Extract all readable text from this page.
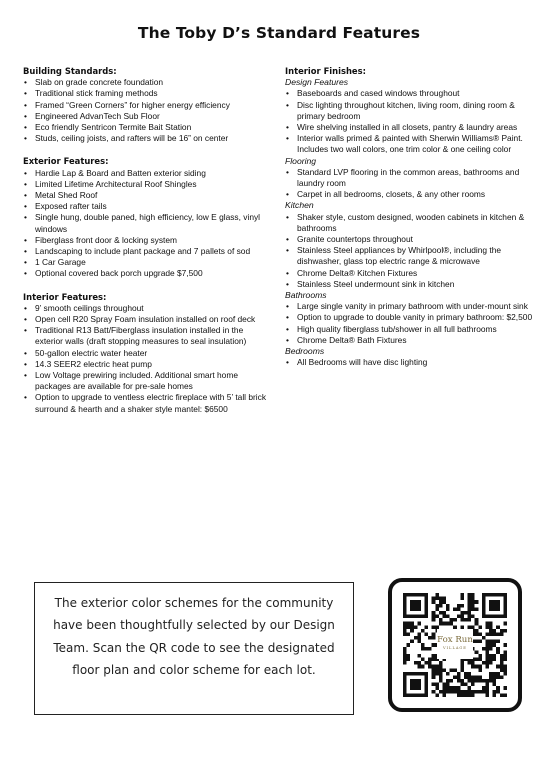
The Toby D’s Standard Features

Building Standards:

• Slab on grade concrete foundation
• Traditional stick framing methods
• Framed “Green Corners” for higher energy efficiency
• Engineered AdvanTech Sub Floor
• Eco friendly Sentricon Termite Bait Station
• Studs, ceiling joists, and rafters will be 16” on center

Exterior Features:

• Hardie Lap & Board and Batten exterior siding
• Limited Lifetime Architectural Roof Shingles
• Metal Shed Roof
• Exposed rafter tails
• Single hung, double paned, high efficiency, low E glass, vinyl windows
• Fiberglass front door & locking system
• Landscaping to include plant package and 7 pallets of sod
• 1 Car Garage
• Optional covered back porch upgrade $7,500

Interior Features:

• 9’ smooth ceilings throughout
• Open cell R20 Spray Foam insulation installed on roof deck
• Traditional R13 Batt/Fiberglass insulation installed in the exterior walls (draft stopping measures to seal insulation)
• 50-gallon electric water heater
• 14.3 SEER2 electric heat pump
• Low Voltage prewiring included. Additional smart home packages are available for pre-sale homes
• Option to upgrade to ventless electric fireplace with 5’ tall brick surround & hearth and a shaker style mantel: $6500

Interior Finishes:

Design Features

• Baseboards and cased windows throughout
• Disc lighting throughout kitchen, living room, dining room & primary bedroom
• Wire shelving installed in all closets, pantry & laundry areas
• Interior walls primed & painted with Sherwin Williams® Paint. Includes two wall colors, one trim color & one ceiling color

Flooring

• Standard LVP flooring in the common areas, bathrooms and laundry room
• Carpet in all bedrooms, closets, & any other rooms

Kitchen

• Shaker style, custom designed, wooden cabinets in kitchen & bathrooms
• Granite countertops throughout
• Stainless Steel appliances by Whirlpool®, including the dishwasher, glass top electric range & microwave
• Chrome Delta® Kitchen Fixtures
• Stainless Steel undermount sink in kitchen

Bathrooms

• Large single vanity in primary bathroom with under-mount sink
• Option to upgrade to double vanity in primary bathroom: $2,500
• High quality fiberglass tub/shower in all full bathrooms
• Chrome Delta® Bath Fixtures

Bedrooms

• All Bedrooms will have disc lighting

The exterior color schemes for the community have been thoughtfully selected by our Design Team. Scan the QR code to see the designated floor plan and color scheme for each lot.

Fox Run
VILLAGE
